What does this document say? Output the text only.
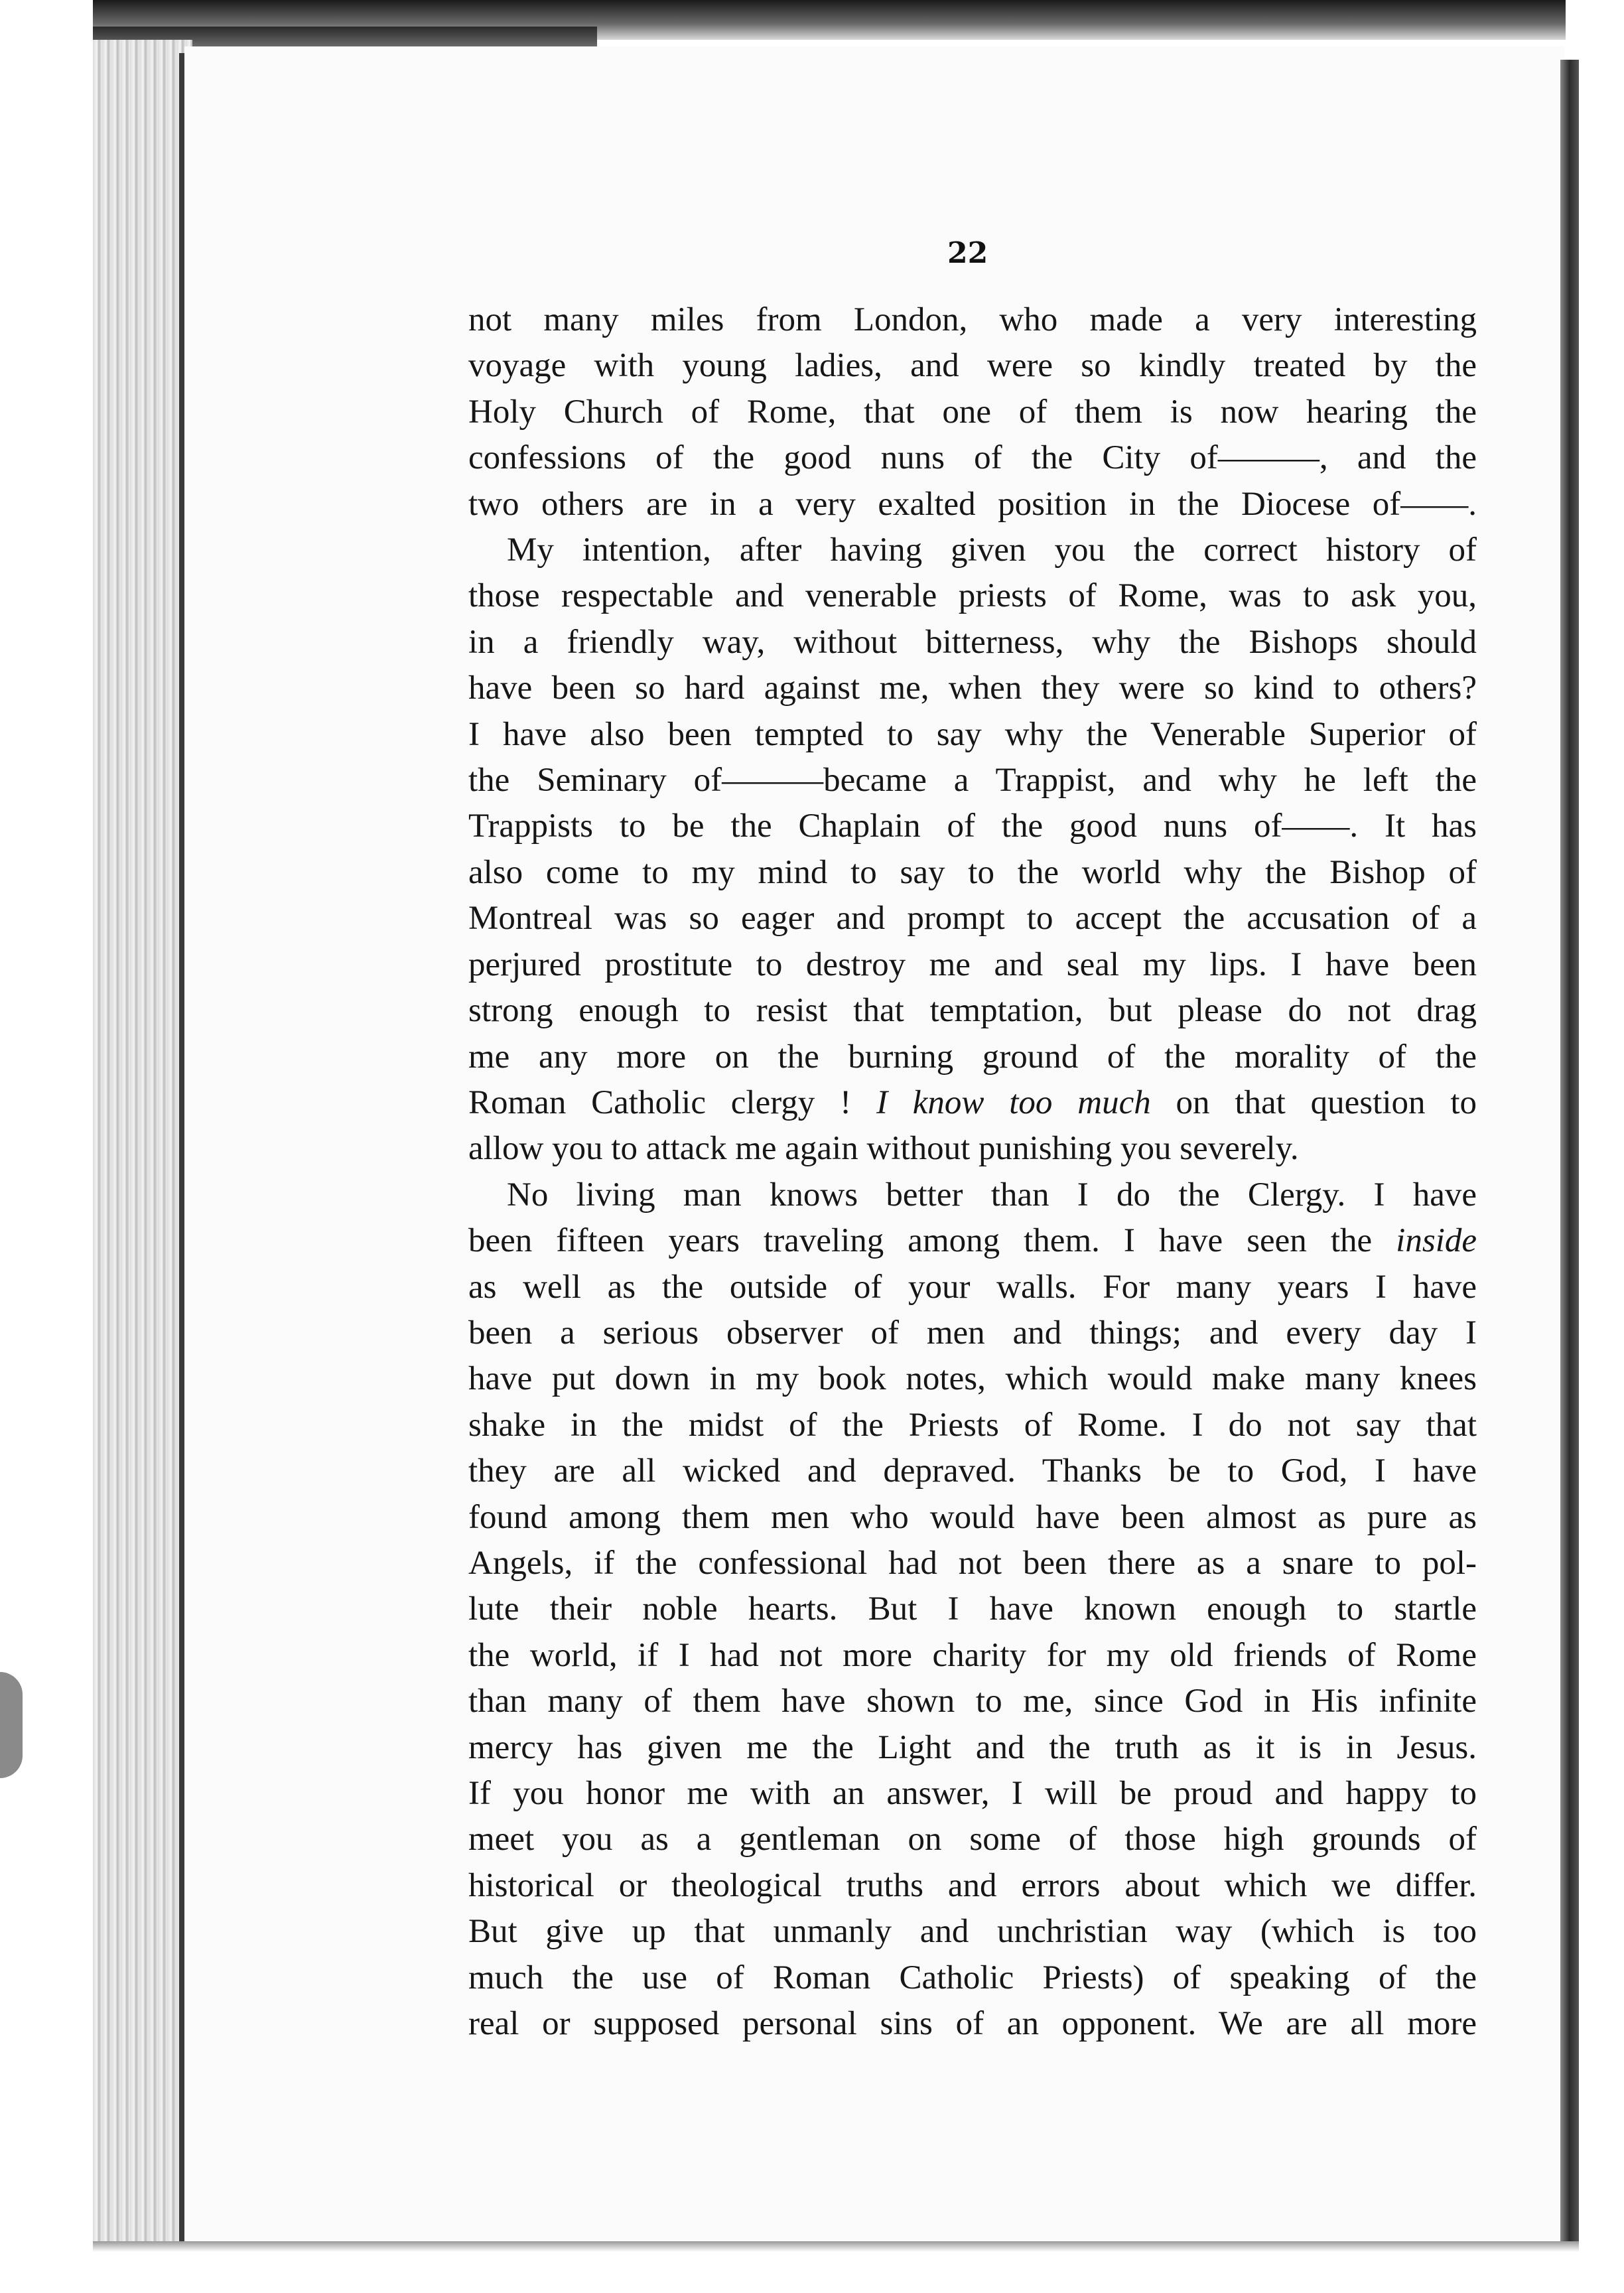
22
not many miles from London, who made a very interesting
voyage with young ladies, and were so kindly treated by the
Holy Church of Rome, that one of them is now hearing the
confessions of the good nuns of the City of———, and the
two others are in a very exalted position in the Diocese of——.
My intention, after having given you the correct history of
those respectable and venerable priests of Rome, was to ask you,
in a friendly way, without bitterness, why the Bishops should
have been so hard against me, when they were so kind to others?
I have also been tempted to say why the Venerable Superior of
the Seminary of———became a Trappist, and why he left the
Trappists to be the Chaplain of the good nuns of——. It has
also come to my mind to say to the world why the Bishop of
Montreal was so eager and prompt to accept the accusation of a
perjured prostitute to destroy me and seal my lips. I have been
strong enough to resist that temptation, but please do not drag
me any more on the burning ground of the morality of the
Roman Catholic clergy ! I know too much on that question to
allow you to attack me again without punishing you severely.
No living man knows better than I do the Clergy. I have
been fifteen years traveling among them. I have seen the inside
as well as the outside of your walls. For many years I have
been a serious observer of men and things; and every day I
have put down in my book notes, which would make many knees
shake in the midst of the Priests of Rome. I do not say that
they are all wicked and depraved. Thanks be to God, I have
found among them men who would have been almost as pure as
Angels, if the confessional had not been there as a snare to pol-
lute their noble hearts. But I have known enough to startle
the world, if I had not more charity for my old friends of Rome
than many of them have shown to me, since God in His infinite
mercy has given me the Light and the truth as it is in Jesus.
If you honor me with an answer, I will be proud and happy to
meet you as a gentleman on some of those high grounds of
historical or theological truths and errors about which we differ.
But give up that unmanly and unchristian way (which is too
much the use of Roman Catholic Priests) of speaking of the
real or supposed personal sins of an opponent. We are all more
